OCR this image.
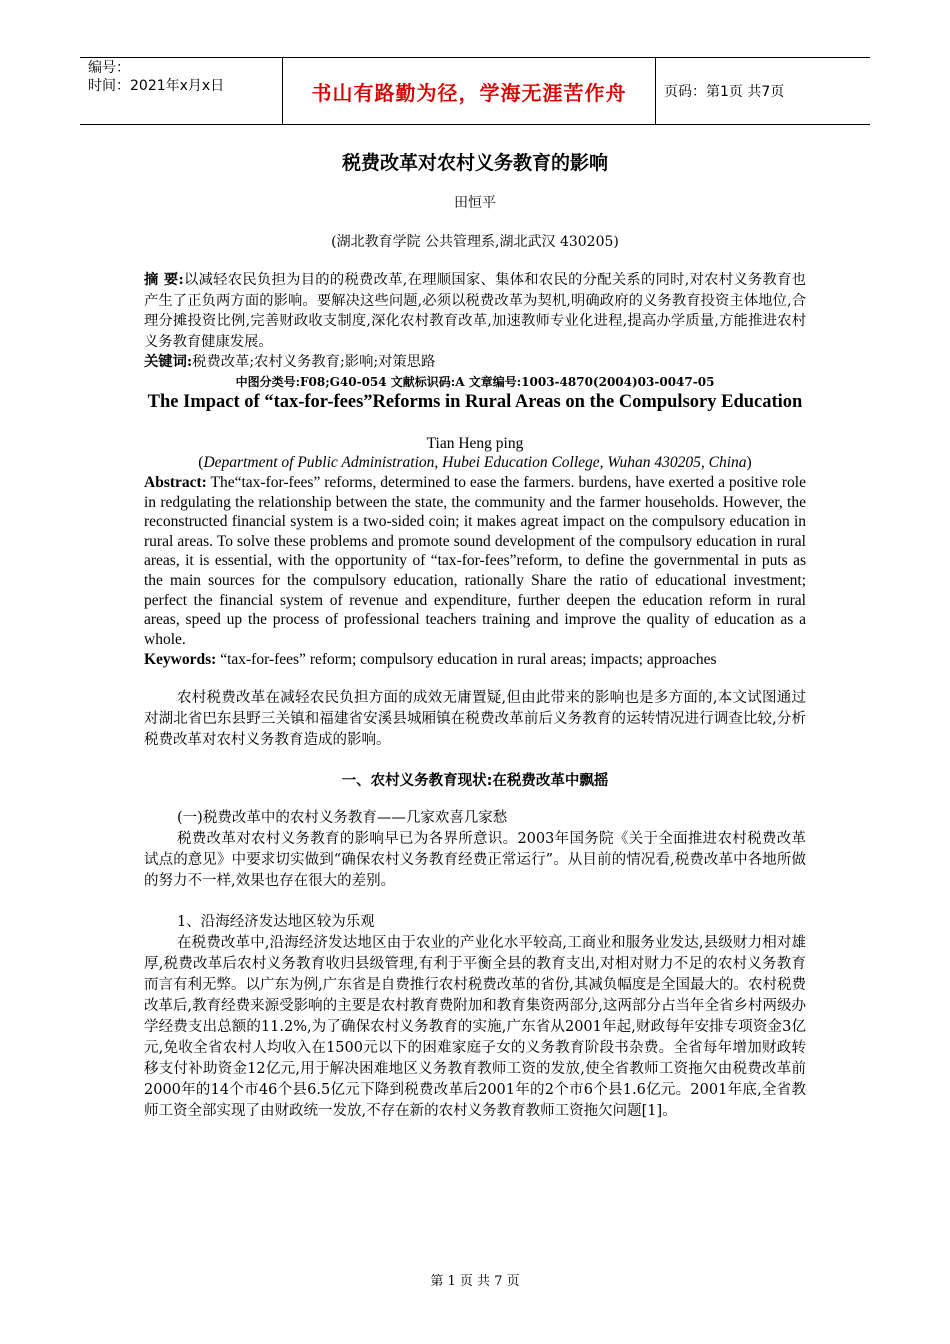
编号：
时间：2021年x月x日	书山有路勤为径，学海无涯苦作舟	页码：第1页 共7页
税费改革对农村义务教育的影响
田恒平
(湖北教育学院 公共管理系,湖北武汉 430205)
摘 要:以减轻农民负担为目的的税费改革,在理顺国家、集体和农民的分配关系的同时,对农村义务教育也产生了正负两方面的影响。要解决这些问题,必须以税费改革为契机,明确政府的义务教育投资主体地位,合理分摊投资比例,完善财政收支制度,深化农村教育改革,加速教师专业化进程,提高办学质量,方能推进农村义务教育健康发展。
关键词:税费改革;农村义务教育;影响;对策思路
中图分类号:F08;G40-054 文献标识码:A 文章编号:1003-4870(2004)03-0047-05
The Impact of “tax-for-fees”Reforms in Rural Areas on the Compulsory Education
Tian Heng ping
(Department of Public Administration, Hubei Education College, Wuhan 430205, China)
Abstract: The“tax-for-fees” reforms, determined to ease the farmers. burdens, have exerted a positive role in redgulating the relationship between the state, the community and the farmer households. However, the reconstructed financial system is a two-sided coin; it makes agreat impact on the compulsory education in rural areas. To solve these problems and promote sound development of the compulsory education in rural areas, it is essential, with the opportunity of “tax-for-fees”reform, to define the governmental in puts as the main sources for the compulsory education, rationally Share the ratio of educational investment; perfect the financial system of revenue and expenditure, further deepen the education reform in rural areas, speed up the process of professional teachers training and improve the quality of education as a whole.
Keywords: “tax-for-fees” reform; compulsory education in rural areas; impacts; approaches
农村税费改革在减轻农民负担方面的成效无庸置疑,但由此带来的影响也是多方面的,本文试图通过对湖北省巴东县野三关镇和福建省安溪县城厢镇在税费改革前后义务教育的运转情况进行调查比较,分析税费改革对农村义务教育造成的影响。
一、农村义务教育现状:在税费改革中飘摇
(一)税费改革中的农村义务教育——几家欢喜几家愁
税费改革对农村义务教育的影响早已为各界所意识。2003年国务院《关于全面推进农村税费改革试点的意见》中要求切实做到“确保农村义务教育经费正常运行”。从目前的情况看,税费改革中各地所做的努力不一样,效果也存在很大的差别。
1、沿海经济发达地区较为乐观
在税费改革中,沿海经济发达地区由于农业的产业化水平较高,工商业和服务业发达,县级财力相对雄厚,税费改革后农村义务教育收归县级管理,有利于平衡全县的教育支出,对相对财力不足的农村义务教育而言有利无弊。以广东为例,广东省是自费推行农村税费改革的省份,其减负幅度是全国最大的。农村税费改革后,教育经费来源受影响的主要是农村教育费附加和教育集资两部分,这两部分占当年全省乡村两级办学经费支出总额的11.2%,为了确保农村义务教育的实施,广东省从2001年起,财政每年安排专项资金3亿元,免收全省农村人均收入在1500元以下的困难家庭子女的义务教育阶段书杂费。全省每年增加财政转移支付补助资金12亿元,用于解决困难地区义务教育教师工资的发放,使全省教师工资拖欠由税费改革前2000年的14个市46个县6.5亿元下降到税费改革后2001年的2个市6个县1.6亿元。2001年底,全省教师工资全部实现了由财政统一发放,不存在新的农村义务教育教师工资拖欠问题[1]。
第 1 页 共 7 页
